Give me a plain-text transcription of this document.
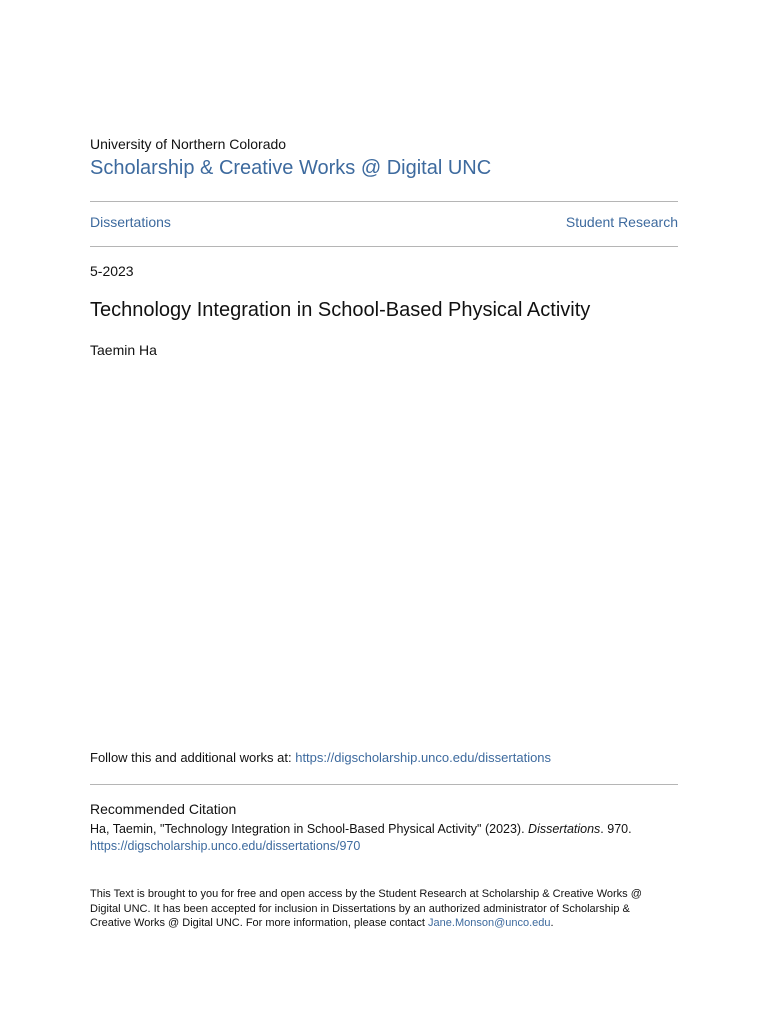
University of Northern Colorado
Scholarship & Creative Works @ Digital UNC
Dissertations	Student Research
5-2023
Technology Integration in School-Based Physical Activity
Taemin Ha
Follow this and additional works at: https://digscholarship.unco.edu/dissertations
Recommended Citation
Ha, Taemin, "Technology Integration in School-Based Physical Activity" (2023). Dissertations. 970.
https://digscholarship.unco.edu/dissertations/970
This Text is brought to you for free and open access by the Student Research at Scholarship & Creative Works @ Digital UNC. It has been accepted for inclusion in Dissertations by an authorized administrator of Scholarship & Creative Works @ Digital UNC. For more information, please contact Jane.Monson@unco.edu.
